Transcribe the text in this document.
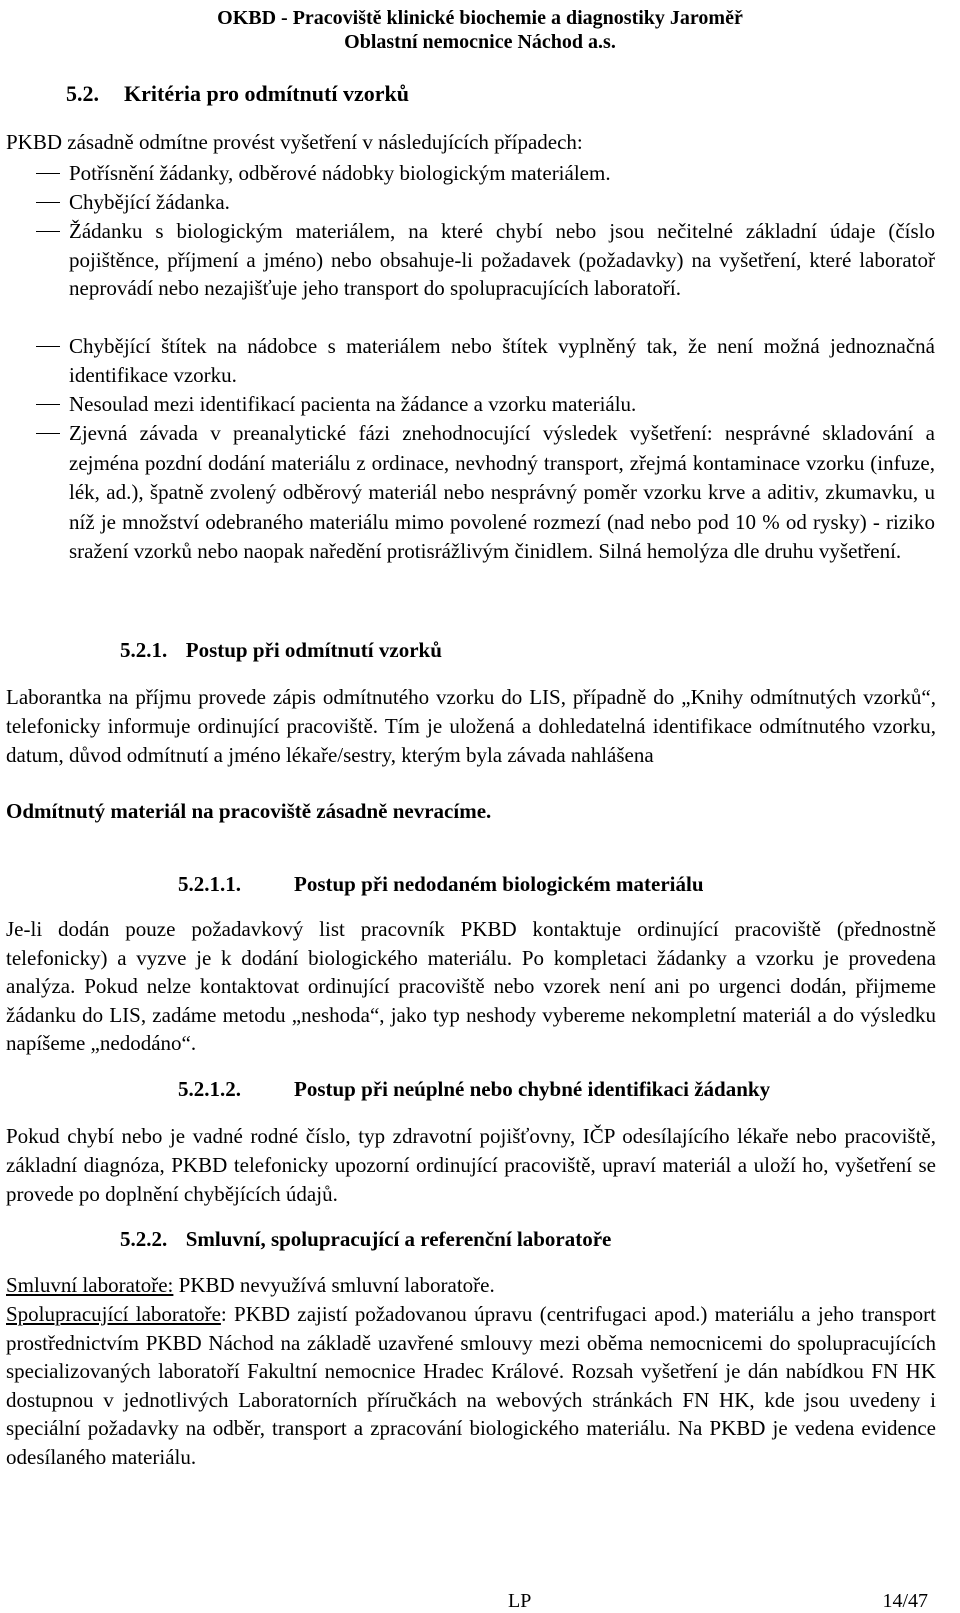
OKBD - Pracoviště klinické biochemie a diagnostiky Jaroměř
Oblastní nemocnice Náchod a.s.
5.2. Kritéria pro odmítnutí vzorků
PKBD zásadně odmítne provést vyšetření v následujících případech:
Potřísnění žádanky, odběrové nádobky biologickým materiálem.
Chybějící žádanka.
Žádanku s biologickým materiálem, na které chybí nebo jsou nečitelné základní údaje (číslo pojištěnce, příjmení a jméno) nebo obsahuje-li požadavek (požadavky) na vyšetření, které laboratoř neprovádí nebo nezajišťuje jeho transport do spolupracujících laboratoří.
Chybějící štítek na nádobce s materiálem nebo štítek vyplněný tak, že není možná jednoznačná identifikace vzorku.
Nesoulad mezi identifikací pacienta na žádance a vzorku materiálu.
Zjevná závada v preanalytické fázi znehodnocující výsledek vyšetření: nesprávné skladování a zejména pozdní dodání materiálu z ordinace, nevhodný transport, zřejmá kontaminace vzorku (infuze, lék, ad.), špatně zvolený odběrový materiál nebo nesprávný poměr vzorku krve a aditiv, zkumavku, u níž je množství odebraného materiálu mimo povolené rozmezí (nad nebo pod 10 % od rysky) - riziko sražení vzorků nebo naopak naředění protisrážlivým činidlem. Silná hemolýza dle druhu vyšetření.
5.2.1. Postup při odmítnutí vzorků
Laborantka na příjmu provede zápis odmítnutého vzorku do LIS, případně do „Knihy odmítnutých vzorků“, telefonicky informuje ordinující pracoviště. Tím je uložená a dohledatelná identifikace odmítnutého vzorku, datum, důvod odmítnutí a jméno lékaře/sestry, kterým byla závada nahlášena
Odmítnutý materiál na pracoviště zásadně nevracíme.
5.2.1.1.	Postup při nedodaném biologickém materiálu
Je-li dodán pouze požadavkový list pracovník PKBD kontaktuje ordinující pracoviště (přednostně telefonicky) a vyzve je k dodání biologického materiálu. Po kompletaci žádanky a vzorku je provedena analýza. Pokud nelze kontaktovat ordinující pracoviště nebo vzorek není ani po urgenci dodán, přijmeme žádanku do LIS, zadáme metodu „neshoda“, jako typ neshody vybereme nekompletní materiál a do výsledku napíšeme „nedodáno“.
5.2.1.2.	Postup při neúplné nebo chybné identifikaci žádanky
Pokud chybí nebo je vadné rodné číslo, typ zdravotní pojišťovny, IČP odesílajícího lékaře nebo pracoviště, základní diagnóza, PKBD telefonicky upozorní ordinující pracoviště, upraví materiál a uloží ho, vyšetření se provede po doplnění chybějících údajů.
5.2.2. Smluvní, spolupracující a referenční laboratoře
Smluvní laboratoře: PKBD nevyužívá smluvní laboratoře.
Spolupracující laboratoře: PKBD zajistí požadovanou úpravu (centrifugaci apod.) materiálu a jeho transport prostřednictvím PKBD Náchod na základě uzavřené smlouvy mezi oběma nemocnicemi do spolupracujících specializovaných laboratoří Fakultní nemocnice Hradec Králové. Rozsah vyšetření je dán nabídkou FN HK dostupnou v jednotlivých Laboratorních příručkách na webových stránkách FN HK, kde jsou uvedeny i speciální požadavky na odběr, transport a zpracování biologického materiálu. Na PKBD je vedena evidence odesílaného materiálu.
LP	14/47
